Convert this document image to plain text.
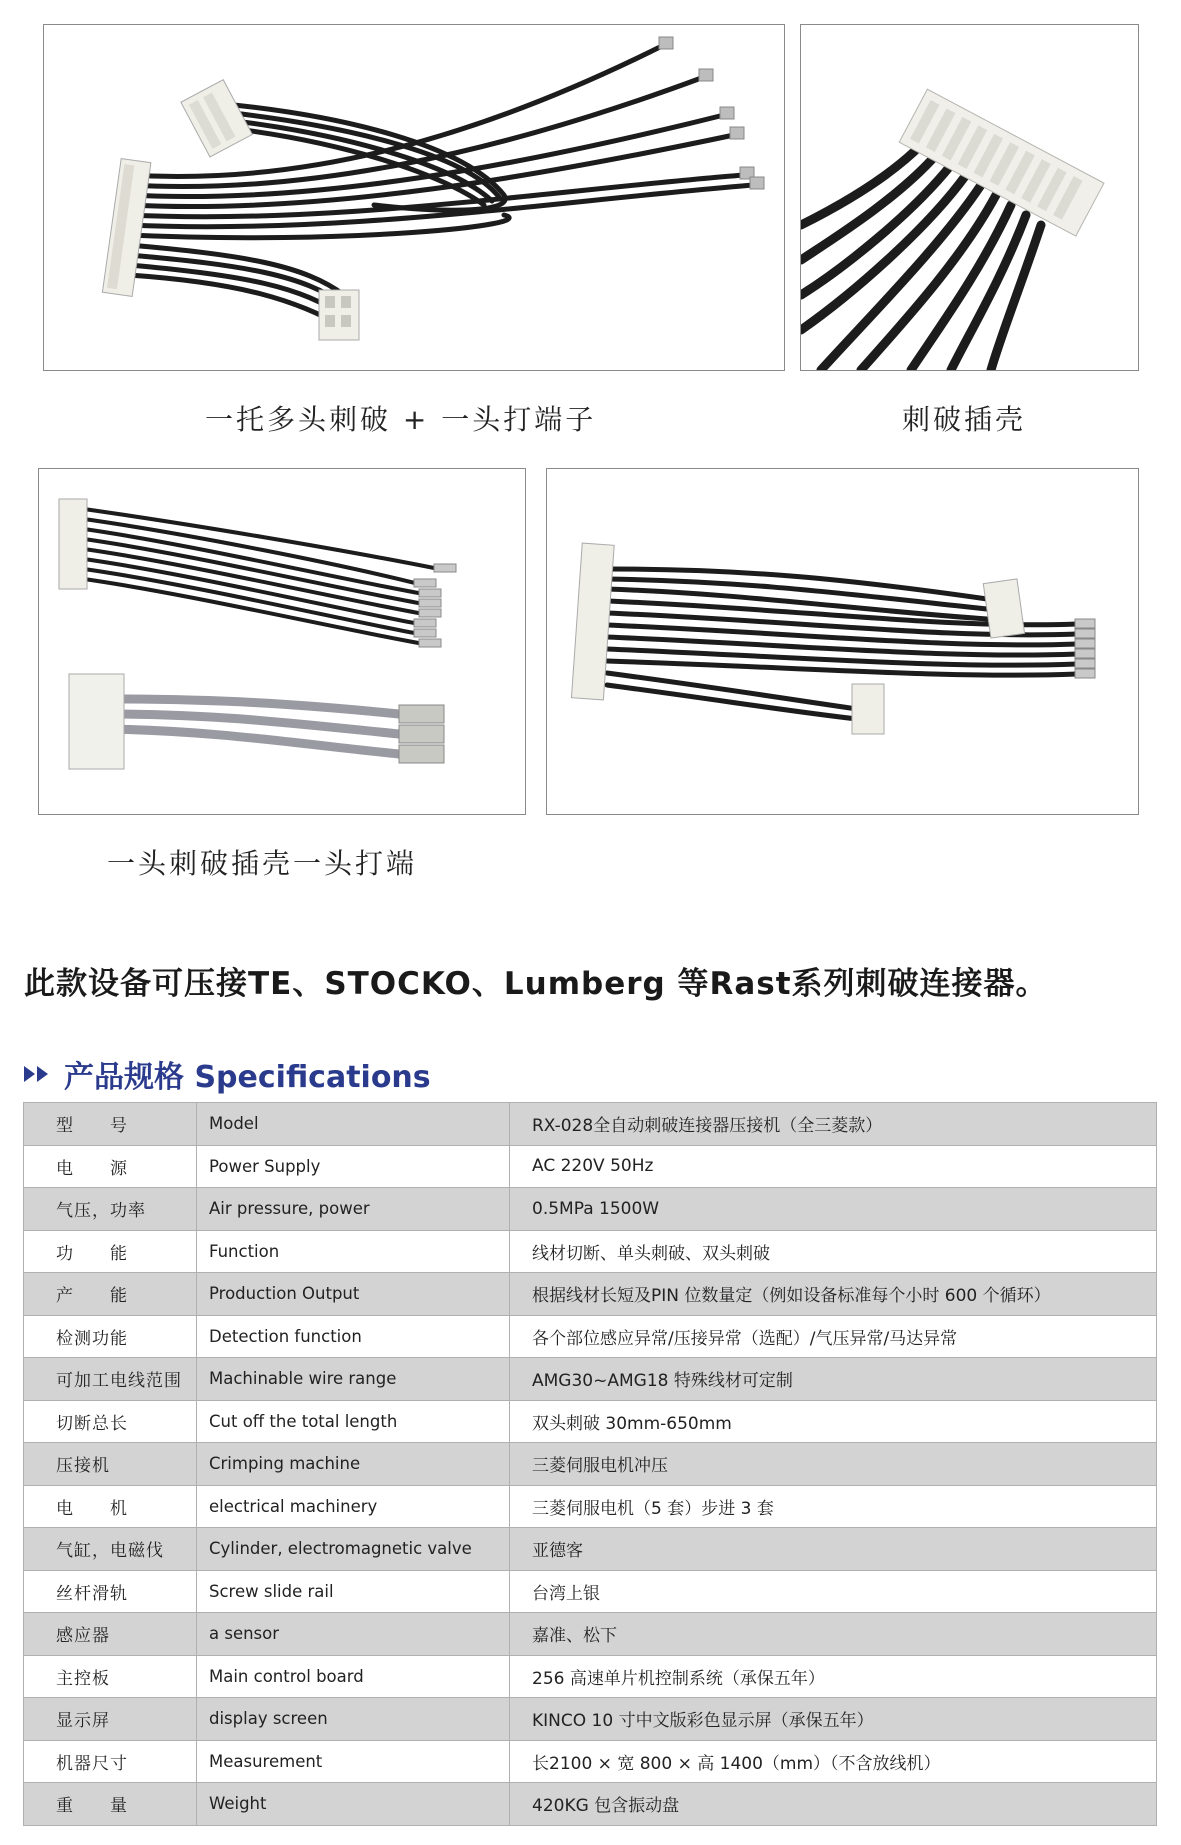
一托多头刺破 + 一头打端子	刺破插壳
一头刺破插壳一头打端
此款设备可压接TE、STOCKO、Lumberg 等Rast系列刺破连接器。
产品规格 Specifications
型　　号	Model	RX-028全自动刺破连接器压接机（全三菱款）
电　　源	Power Supply	AC 220V 50Hz
气压，功率	Air pressure, power	0.5MPa 1500W
功　　能	Function	线材切断、单头刺破、双头刺破
产　　能	Production Output	根据线材长短及PIN 位数量定（例如设备标准每个小时 600 个循环）
检测功能	Detection function	各个部位感应异常/压接异常（选配）/气压异常/马达异常
可加工电线范围	Machinable wire range	AMG30~AMG18 特殊线材可定制
切断总长	Cut off the total length	双头刺破 30mm-650mm
压接机	Crimping machine	三菱伺服电机冲压
电　　机	electrical machinery	三菱伺服电机（5 套）步进 3 套
气缸，电磁伐	Cylinder, electromagnetic valve	亚德客
丝杆滑轨	Screw slide rail	台湾上银
感应器	a sensor	嘉准、松下
主控板	Main control board	256 高速单片机控制系统（承保五年）
显示屏	display screen	KINCO 10 寸中文版彩色显示屏（承保五年）
机器尺寸	Measurement	长2100 × 宽 800 × 高 1400（mm）（不含放线机）
重　　量	Weight	420KG 包含振动盘
